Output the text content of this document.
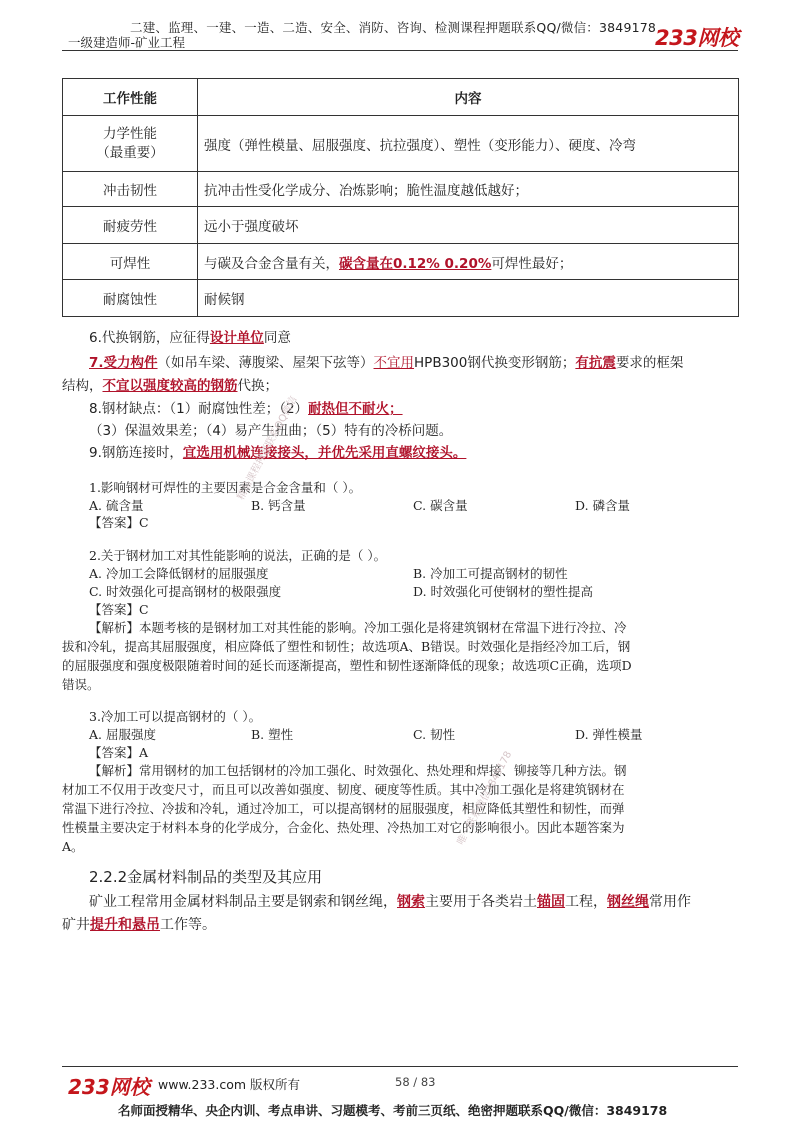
二建、监理、一建、一造、二造、安全、消防、咨询、检测课程押题联系QQ/微信：3849178
一级建造师-矿业工程	233网校
工作性能	内容

力学性能
（最重要）	强度（弹性模量、屈服强度、抗拉强度）、塑性（变形能力）、硬度、冷弯
冲击韧性	抗冲击性受化学成分、冶炼影响；脆性温度越低越好；
耐疲劳性	远小于强度破坏
可焊性	与碳及合金含量有关，碳含量在0.12% 0.20%可焊性最好；
耐腐蚀性	耐候钢
6.代换钢筋，应征得设计单位同意
7.受力构件（如吊车梁、薄腹梁、屋架下弦等）不宜用HPB300钢代换变形钢筋；有抗震要求的框架
结构，不宜以强度较高的钢筋代换；
8.钢材缺点：（1）耐腐蚀性差；（2）耐热但不耐火；
（3）保温效果差；（4）易产生扭曲；（5）特有的冷桥问题。
9.钢筋连接时，宜选用机械连接接头，并优先采用直螺纹接头。
1.影响钢材可焊性的主要因素是合金含量和（ ）。
A. 硫含量	B. 钙含量	C. 碳含量	D. 磷含量
【答案】C
2.关于钢材加工对其性能影响的说法，正确的是（ ）。
A. 冷加工会降低钢材的屈服强度	B. 冷加工可提高钢材的韧性
C. 时效强化可提高钢材的极限强度	D. 时效强化可使钢材的塑性提高
【答案】C
【解析】本题考核的是钢材加工对其性能的影响。冷加工强化是将建筑钢材在常温下进行冷拉、冷
拔和冷轧，提高其屈服强度，相应降低了塑性和韧性；故选项A、B错误。时效强化是指经冷加工后，钢
的屈服强度和强度极限随着时间的延长而逐渐提高，塑性和韧性逐渐降低的现象；故选项C正确，选项D
错误。
3.冷加工可以提高钢材的（ ）。
A. 屈服强度	B. 塑性	C. 韧性	D. 弹性模量
【答案】A
【解析】常用钢材的加工包括钢材的冷加工强化、时效强化、热处理和焊接、铆接等几种方法。钢
材加工不仅用于改变尺寸，而且可以改善如强度、韧度、硬度等性质。其中冷加工强化是将建筑钢材在
常温下进行冷拉、冷拔和冷轧，通过冷加工，可以提高钢材的屈服强度，相应降低其塑性和韧性，而弹
性模量主要决定于材料本身的化学成分，合金化、热处理、冷热加工对它的影响很小。因此本题答案为
A。
2.2.2金属材料制品的类型及其应用
矿业工程常用金属材料制品主要是钢索和钢丝绳，钢索主要用于各类岩土锚固工程，钢丝绳常用作
矿井提升和悬吊工作等。
精品课程押题联系QQ微信
唯一联系微信3849178
233网校 www.233.com 版权所有	58 / 83
名师面授精华、央企内训、考点串讲、习题模考、考前三页纸、绝密押题联系QQ/微信：3849178
